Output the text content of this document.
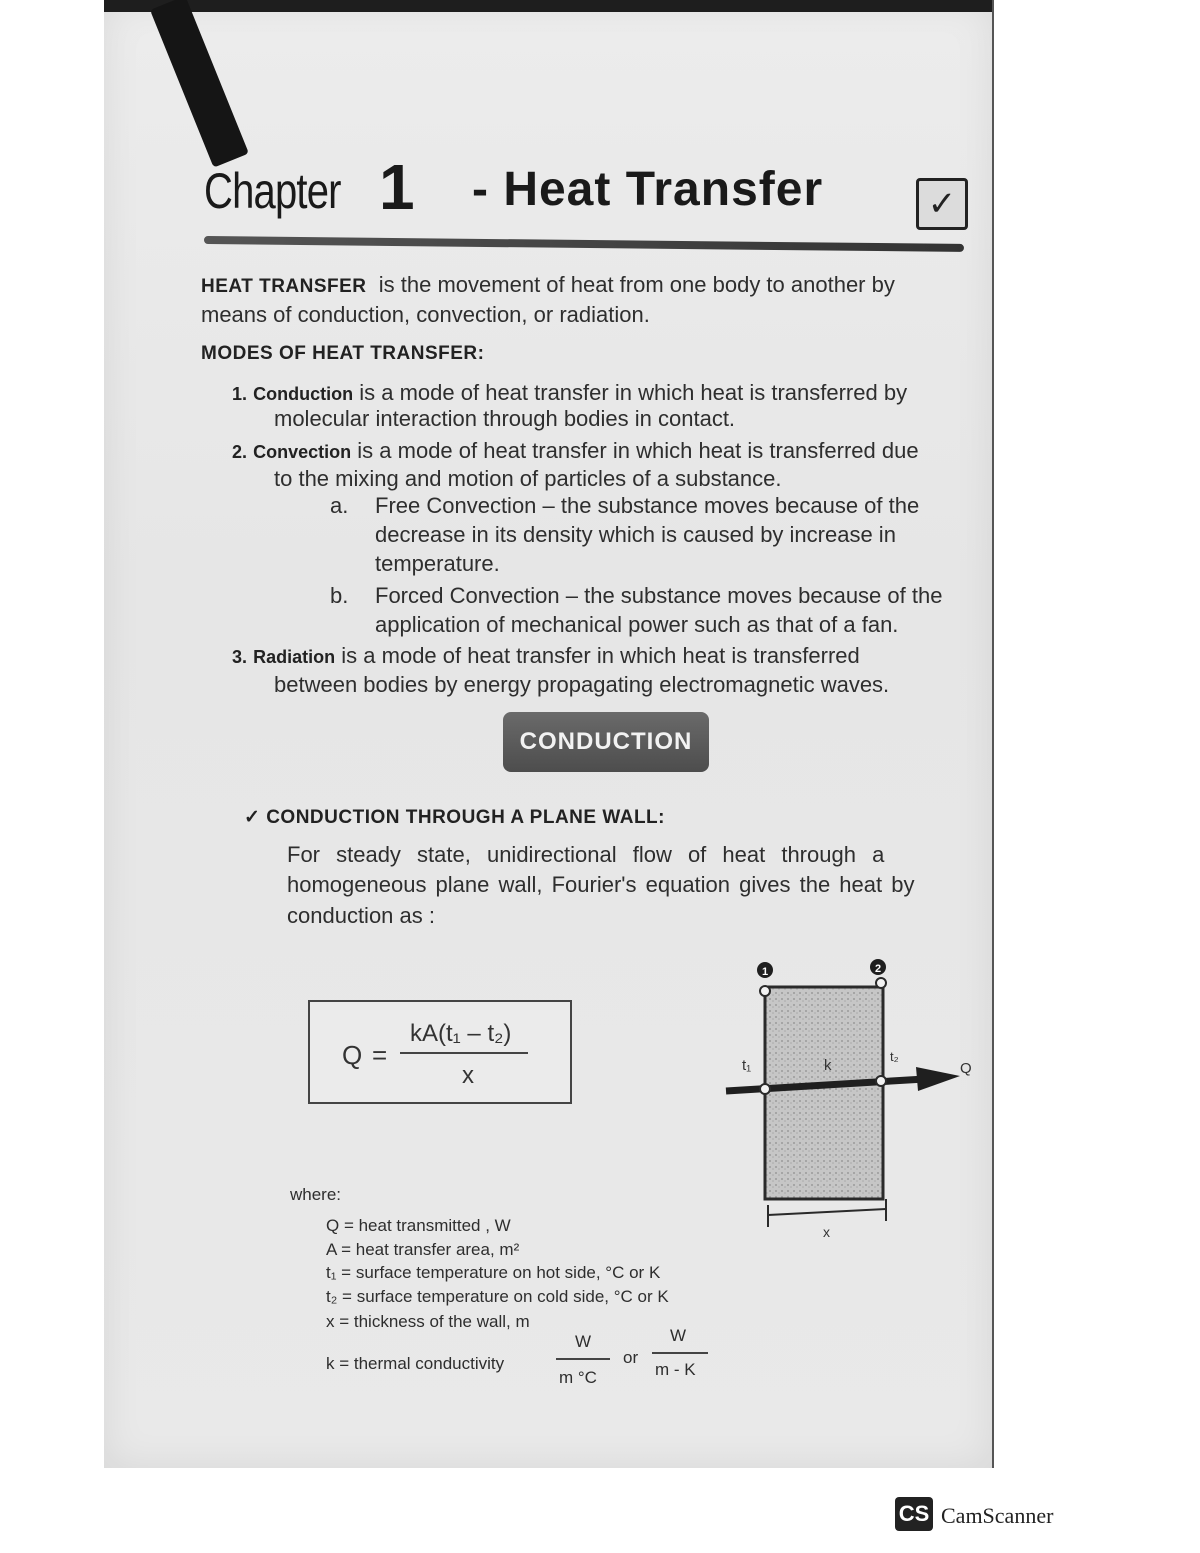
Chapter 1 - Heat Transfer	✓
HEAT TRANSFER is the movement of heat from one body to another by
means of conduction, convection, or radiation.
MODES OF HEAT TRANSFER:
1. Conduction is a mode of heat transfer in which heat is transferred by
molecular interaction through bodies in contact.
2. Convection is a mode of heat transfer in which heat is transferred due
to the mixing and motion of particles of a substance.
a. Free Convection – the substance moves because of the
decrease in its density which is caused by increase in
temperature.
b. Forced Convection – the substance moves because of the
application of mechanical power such as that of a fan.
3. Radiation is a mode of heat transfer in which heat is transferred
between bodies by energy propagating electromagnetic waves.
CONDUCTION
✓ CONDUCTION THROUGH A PLANE WALL:
For steady state, unidirectional flow of heat through a
homogeneous plane wall, Fourier's equation gives the heat by
conduction as :
Q =
kA(t₁ – t₂)
x
1	2
t₁	k
t₂
Q
x
where:
Q = heat transmitted , W
A = heat transfer area, m²
t₁ = surface temperature on hot side, °C or K
t₂ = surface temperature on cold side, °C or K
x = thickness of the wall, m
k = thermal conductivity
W
m °C
or
W
m - K
CS CamScanner
